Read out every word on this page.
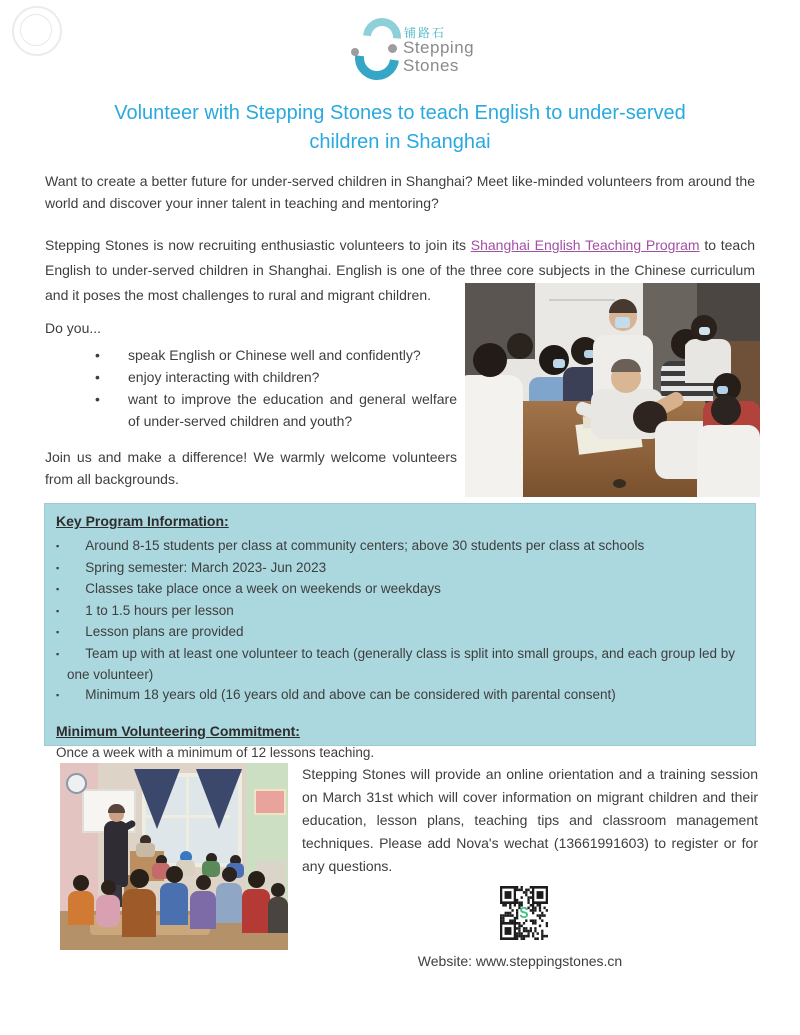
铺路石
Stepping
Stones
Volunteer with Stepping Stones to teach English to under-served children in Shanghai

Want to create a better future for under-served children in Shanghai? Meet like-minded volunteers from around the world and discover your inner talent in teaching and mentoring?

Stepping Stones is now recruiting enthusiastic volunteers to join its Shanghai English Teaching Program to teach English to under-served children in Shanghai. English is one of the three core subjects in the Chinese curriculum and it poses the most challenges to rural and migrant children.

Do you...

• speak English or Chinese well and confidently?
• enjoy interacting with children?
• want to improve the education and general welfare of under-served children and youth?

Join us and make a difference! We warmly welcome volunteers from all backgrounds.

Key Program Information:
▪ Around 8-15 students per class at community centers; above 30 students per class at schools
▪ Spring semester: March 2023- Jun 2023
▪ Classes take place once a week on weekends or weekdays
▪ 1 to 1.5 hours per lesson
▪ Lesson plans are provided
▪ Team up with at least one volunteer to teach (generally class is split into small groups, and each group led by one volunteer)
▪ Minimum 18 years old (16 years old and above can be considered with parental consent)
Minimum Volunteering Commitment:

Once a week with a minimum of 12 lessons teaching.

Stepping Stones will provide an online orientation and a training session on March 31st which will cover information on migrant children and their education, lesson plans, teaching tips and classroom management techniques. Please add Nova's wechat (13661991603) to register or for any questions.

S

Website: www.steppingstones.cn
